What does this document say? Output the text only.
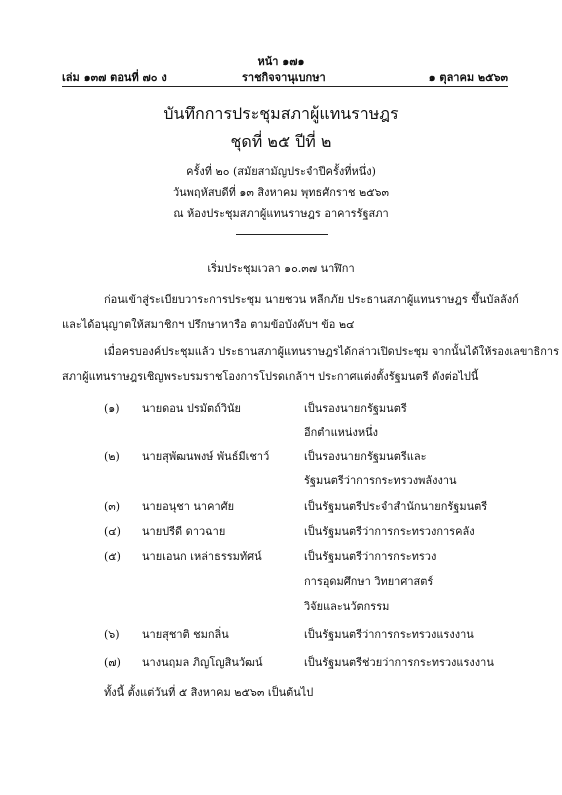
หน้า ๑๗๑
เล่ม ๑๓๗ ตอนที่ ๗๐ ง	ราชกิจจานุเบกษา	๑ ตุลาคม ๒๕๖๓
บันทึกการประชุมสภาผู้แทนราษฎร
ชุดที่ ๒๕ ปีที่ ๒
ครั้งที่ ๒๐ (สมัยสามัญประจำปีครั้งที่หนึ่ง)
วันพฤหัสบดีที่ ๑๓ สิงหาคม พุทธศักราช ๒๕๖๓
ณ ห้องประชุมสภาผู้แทนราษฎร อาคารรัฐสภา
เริ่มประชุมเวลา ๑๐.๓๗ นาฬิกา
ก่อนเข้าสู่ระเบียบวาระการประชุม นายชวน หลีกภัย ประธานสภาผู้แทนราษฎร ขึ้นบัลลังก์
และได้อนุญาตให้สมาชิกฯ ปรึกษาหารือ ตามข้อบังคับฯ ข้อ ๒๔
เมื่อครบองค์ประชุมแล้ว ประธานสภาผู้แทนราษฎรได้กล่าวเปิดประชุม จากนั้นได้ให้รองเลขาธิการ
สภาผู้แทนราษฎรเชิญพระบรมราชโองการโปรดเกล้าฯ ประกาศแต่งตั้งรัฐมนตรี ดังต่อไปนี้
(๑) นายดอน ปรมัตถ์วินัย	เป็นรองนายกรัฐมนตรี
อีกตำแหน่งหนึ่ง
(๒) นายสุพัฒนพงษ์ พันธ์มีเชาว์	เป็นรองนายกรัฐมนตรีและ
รัฐมนตรีว่าการกระทรวงพลังงาน
(๓) นายอนุชา นาคาศัย	เป็นรัฐมนตรีประจำสำนักนายกรัฐมนตรี
(๔) นายปรีดี ดาวฉาย	เป็นรัฐมนตรีว่าการกระทรวงการคลัง
(๕) นายเอนก เหล่าธรรมทัศน์	เป็นรัฐมนตรีว่าการกระทรวง
การอุดมศึกษา วิทยาศาสตร์
วิจัยและนวัตกรรม
(๖) นายสุชาติ ชมกลิ่น	เป็นรัฐมนตรีว่าการกระทรวงแรงงาน
(๗) นางนฤมล ภิญโญสินวัฒน์	เป็นรัฐมนตรีช่วยว่าการกระทรวงแรงงาน
ทั้งนี้ ตั้งแต่วันที่ ๕ สิงหาคม ๒๕๖๓ เป็นต้นไป
